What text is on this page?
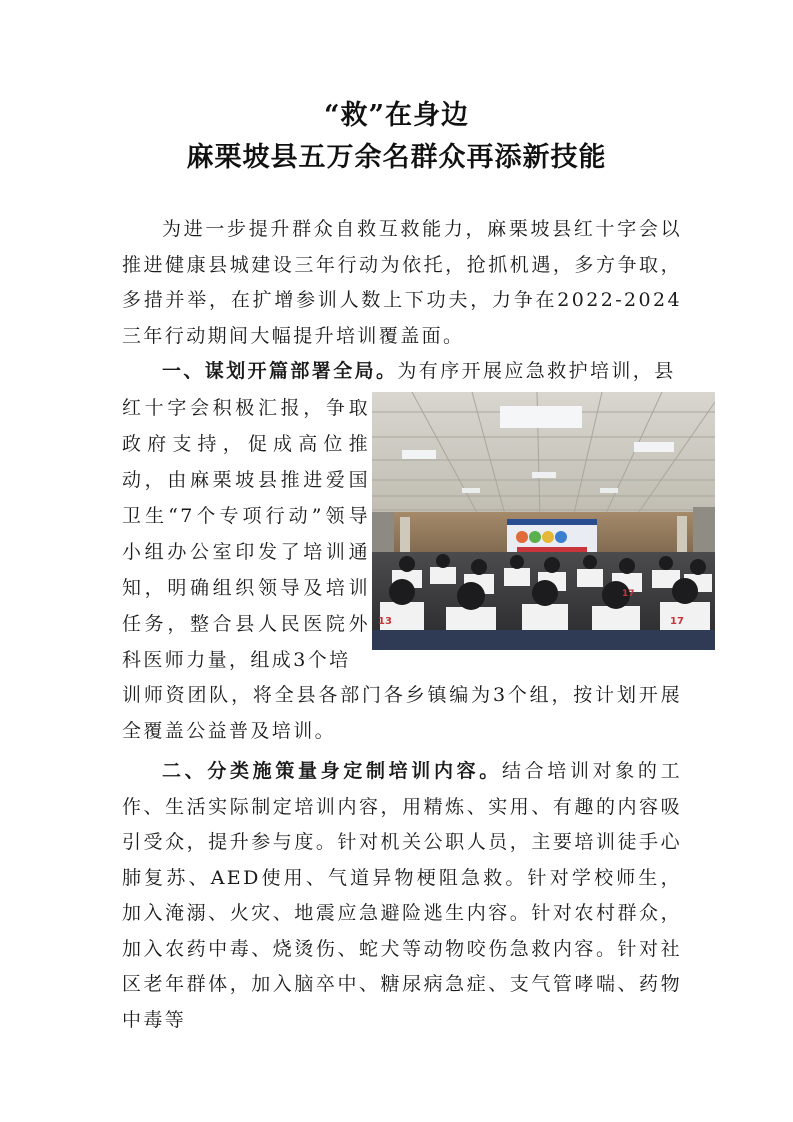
“救”在身边
麻栗坡县五万余名群众再添新技能

为进一步提升群众自救互救能力，麻栗坡县红十字会以推进健康县城建设三年行动为依托，抢抓机遇，多方争取，多措并举，在扩增参训人数上下功夫，力争在2022-2024三年行动期间大幅提升培训覆盖面。

一、谋划开篇部署全局。为有序开展应急救护培训，县

红十字会积极汇报，争取政府支持，促成高位推动，由麻栗坡县推进爱国卫生“7个专项行动”领导小组办公室印发了培训通知，明确组织领导及培训任务，整合县人民医院外科医师力量，组成3个培

13
17
17

训师资团队，将全县各部门各乡镇编为3个组，按计划开展全覆盖公益普及培训。

二、分类施策量身定制培训内容。结合培训对象的工作、生活实际制定培训内容，用精炼、实用、有趣的内容吸引受众，提升参与度。针对机关公职人员，主要培训徒手心肺复苏、AED使用、气道异物梗阻急救。针对学校师生，加入淹溺、火灾、地震应急避险逃生内容。针对农村群众，加入农药中毒、烧烫伤、蛇犬等动物咬伤急救内容。针对社区老年群体，加入脑卒中、糖尿病急症、支气管哮喘、药物中毒等
